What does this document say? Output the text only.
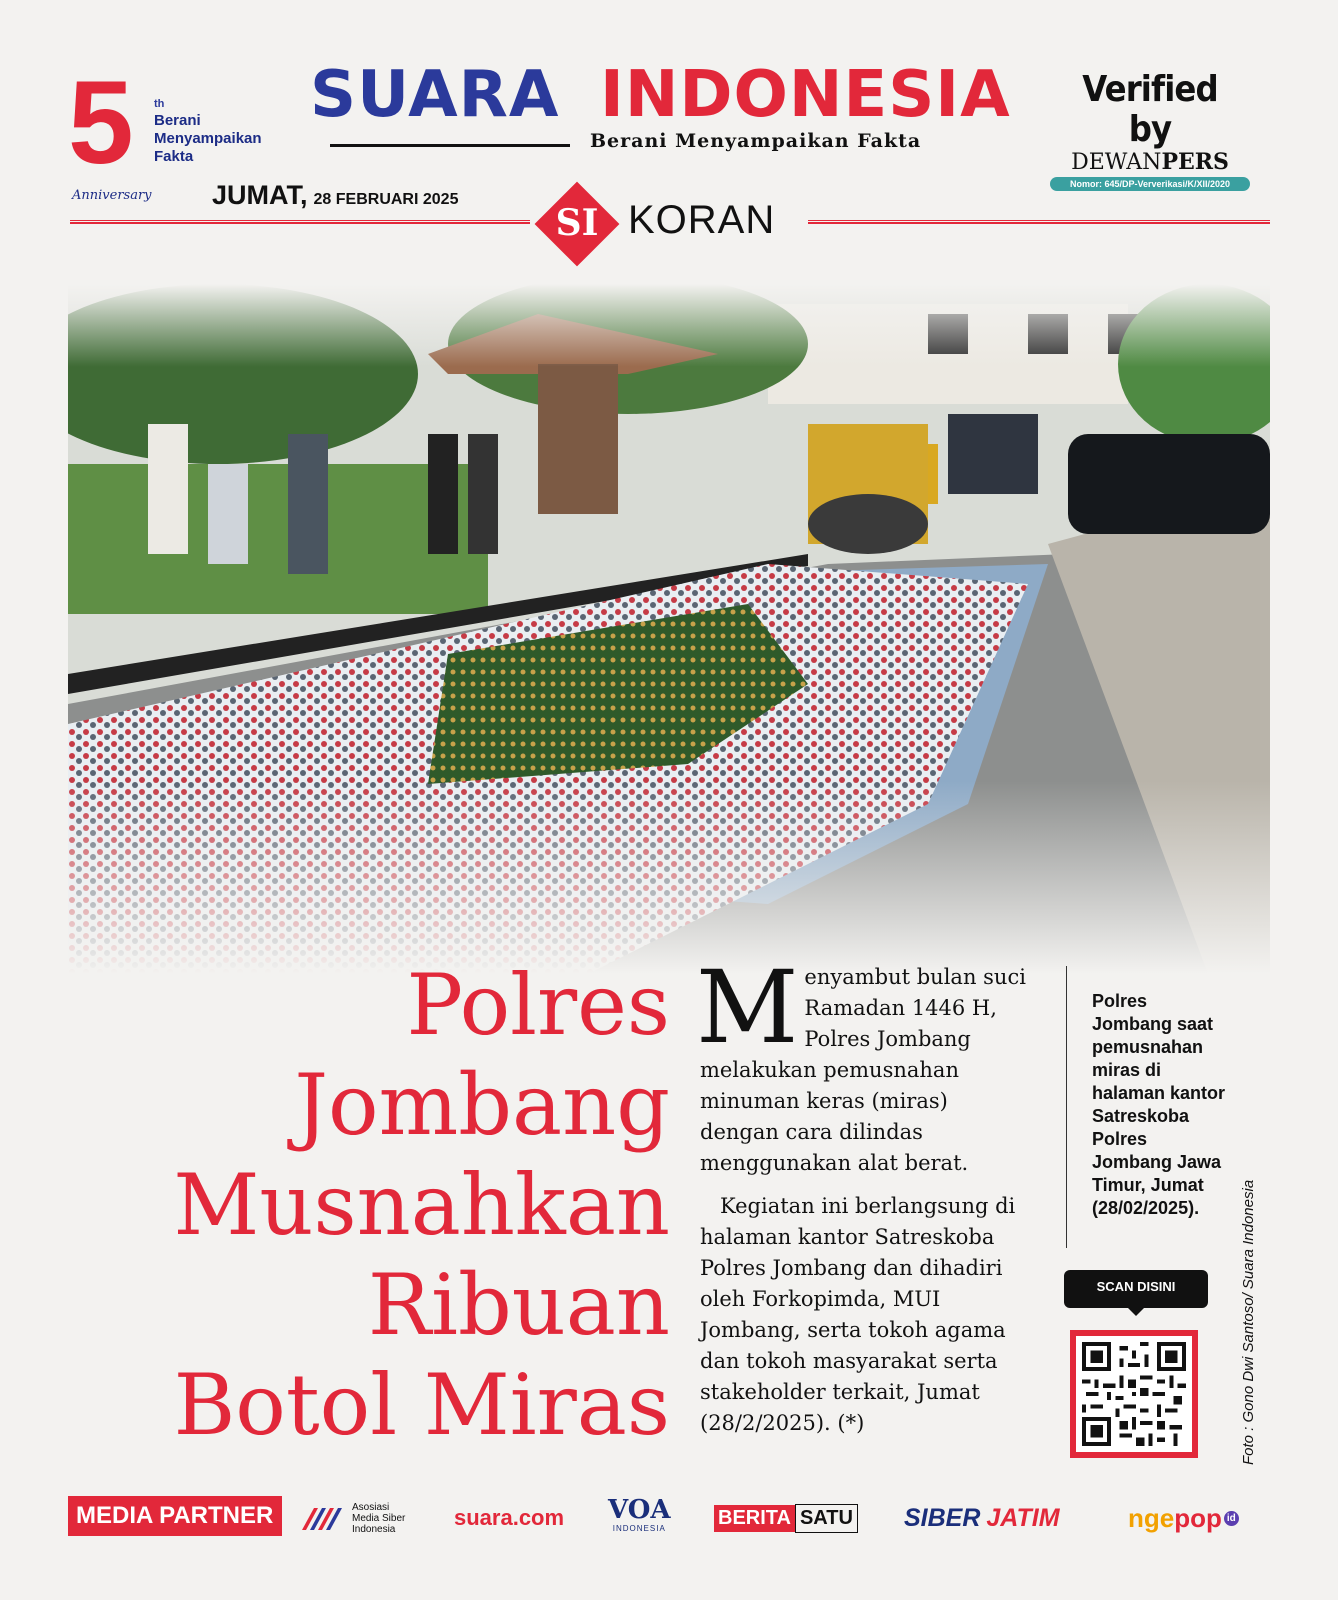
5 th
Berani
Menyampaikan
Fakta
Anniversary
SUARA INDONESIA
Berani Menyampaikan Fakta
Verified by
DEWANPERS
Nomor: 645/DP-Ververikasi/K/XII/2020
JUMAT, 28 FEBRUARI 2025
SI KORAN
Polres
Jombang
Musnahkan
Ribuan
Botol Miras

Menyambut bulan suci Ramadan 1446 H, Polres Jombang melakukan pemusnahan minuman keras (miras) dengan cara dilindas menggunakan alat berat.

Kegiatan ini berlangsung di halaman kantor Satreskoba Polres Jombang dan dihadiri oleh Forkopimda, MUI Jombang, serta tokoh agama dan tokoh masyarakat serta stakeholder terkait, Jumat (28/2/2025). (*)

Polres Jombang saat pemusnahan miras di halaman kantor Satreskoba Polres Jombang Jawa Timur, Jumat (28/02/2025).	Foto : Gono Dwi Santoso/ Suara Indonesia
SCAN DISINI
MEDIA PARTNER	Asosiasi
Media Siber
Indonesia	suara.com VOA
INDONESIA	BERITA SATU SIBER JATIM	nge pop id
